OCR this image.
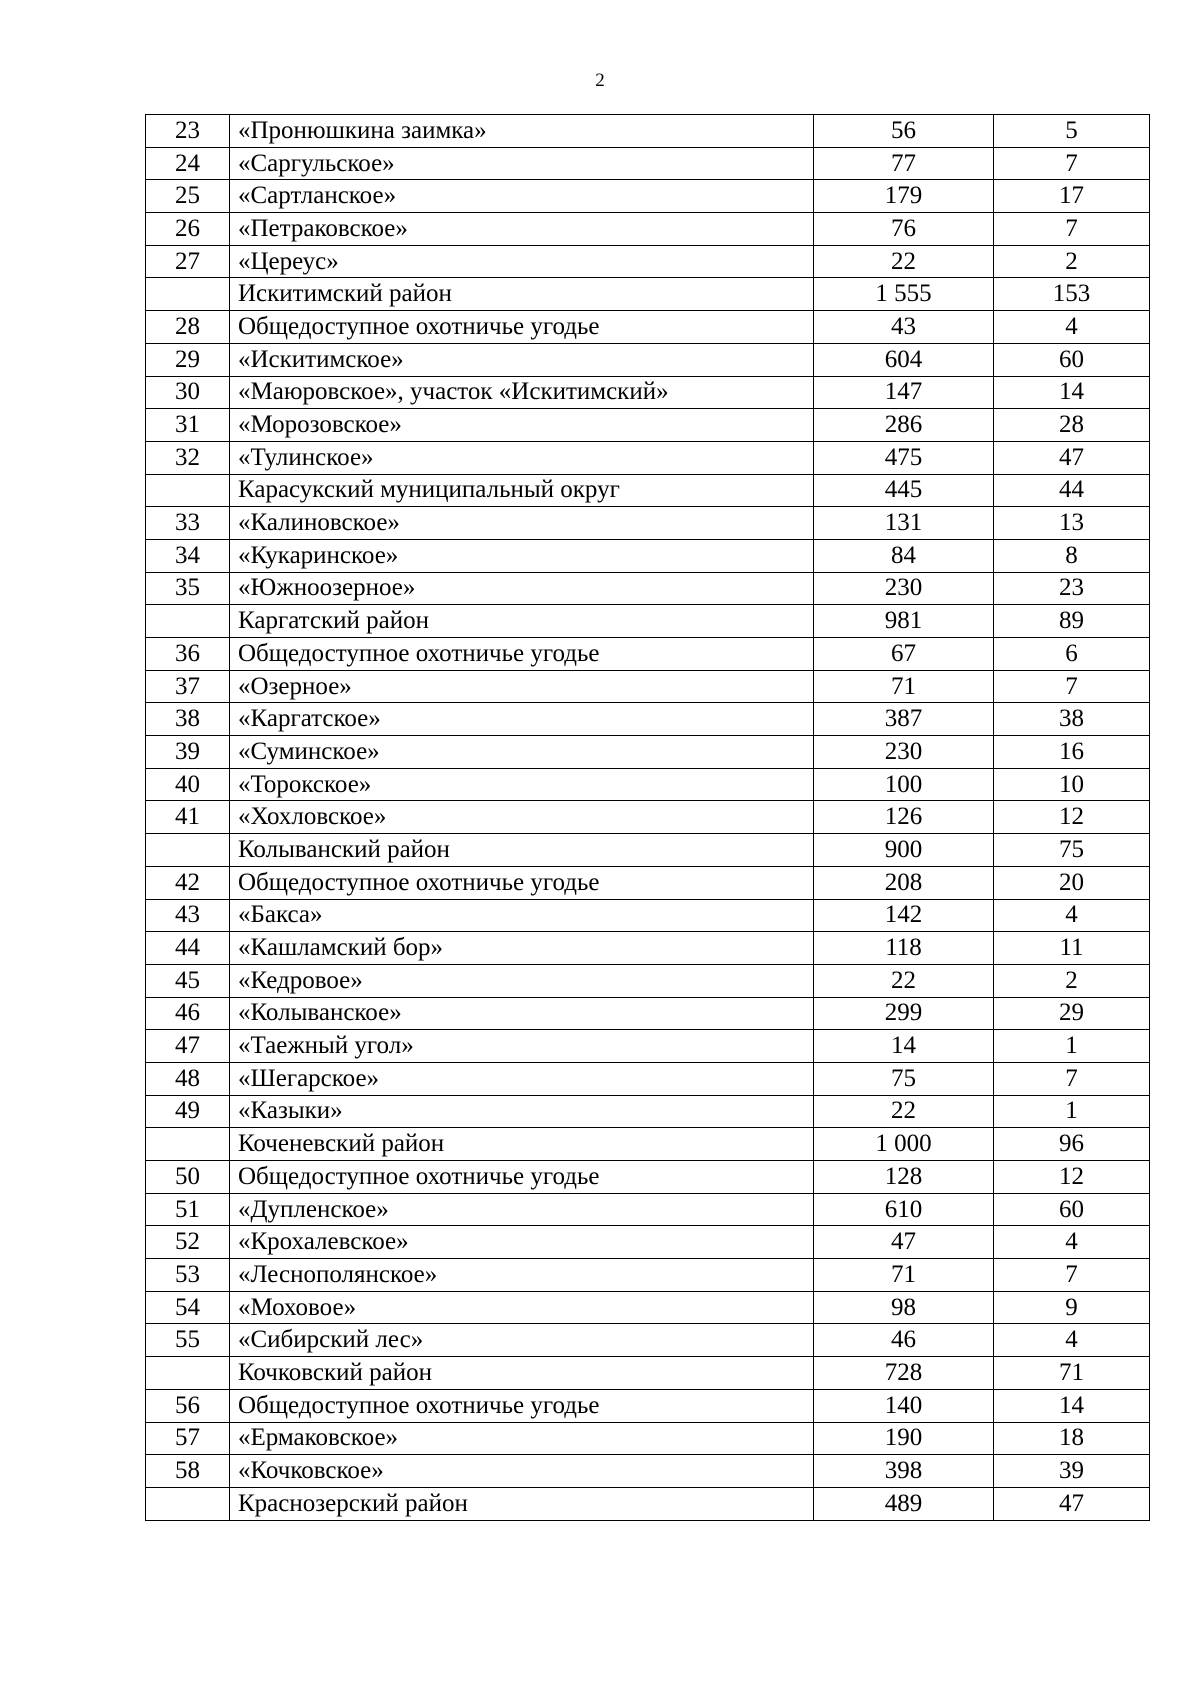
2
23	«Пронюшкина заимка»	56	5
24	«Саргульское»	77	7
25	«Сартланское»	179	17
26	«Петраковское»	76	7
27	«Цереус»	22	2
	Искитимский район	1 555	153
28	Общедоступное охотничье угодье	43	4
29	«Искитимское»	604	60
30	«Маюровское», участок «Искитимский»	147	14
31	«Морозовское»	286	28
32	«Тулинское»	475	47
	Карасукский муниципальный округ	445	44
33	«Калиновское»	131	13
34	«Кукаринское»	84	8
35	«Южноозерное»	230	23
	Каргатский район	981	89
36	Общедоступное охотничье угодье	67	6
37	«Озерное»	71	7
38	«Каргатское»	387	38
39	«Суминское»	230	16
40	«Торокское»	100	10
41	«Хохловское»	126	12
	Колыванский район	900	75
42	Общедоступное охотничье угодье	208	20
43	«Бакса»	142	4
44	«Кашламский бор»	118	11
45	«Кедровое»	22	2
46	«Колыванское»	299	29
47	«Таежный угол»	14	1
48	«Шегарское»	75	7
49	«Казыки»	22	1
	Коченевский район	1 000	96
50	Общедоступное охотничье угодье	128	12
51	«Дупленское»	610	60
52	«Крохалевское»	47	4
53	«Леснополянское»	71	7
54	«Моховое»	98	9
55	«Сибирский лес»	46	4
	Кочковский район	728	71
56	Общедоступное охотничье угодье	140	14
57	«Ермаковское»	190	18
58	«Кочковское»	398	39
	Краснозерский район	489	47
